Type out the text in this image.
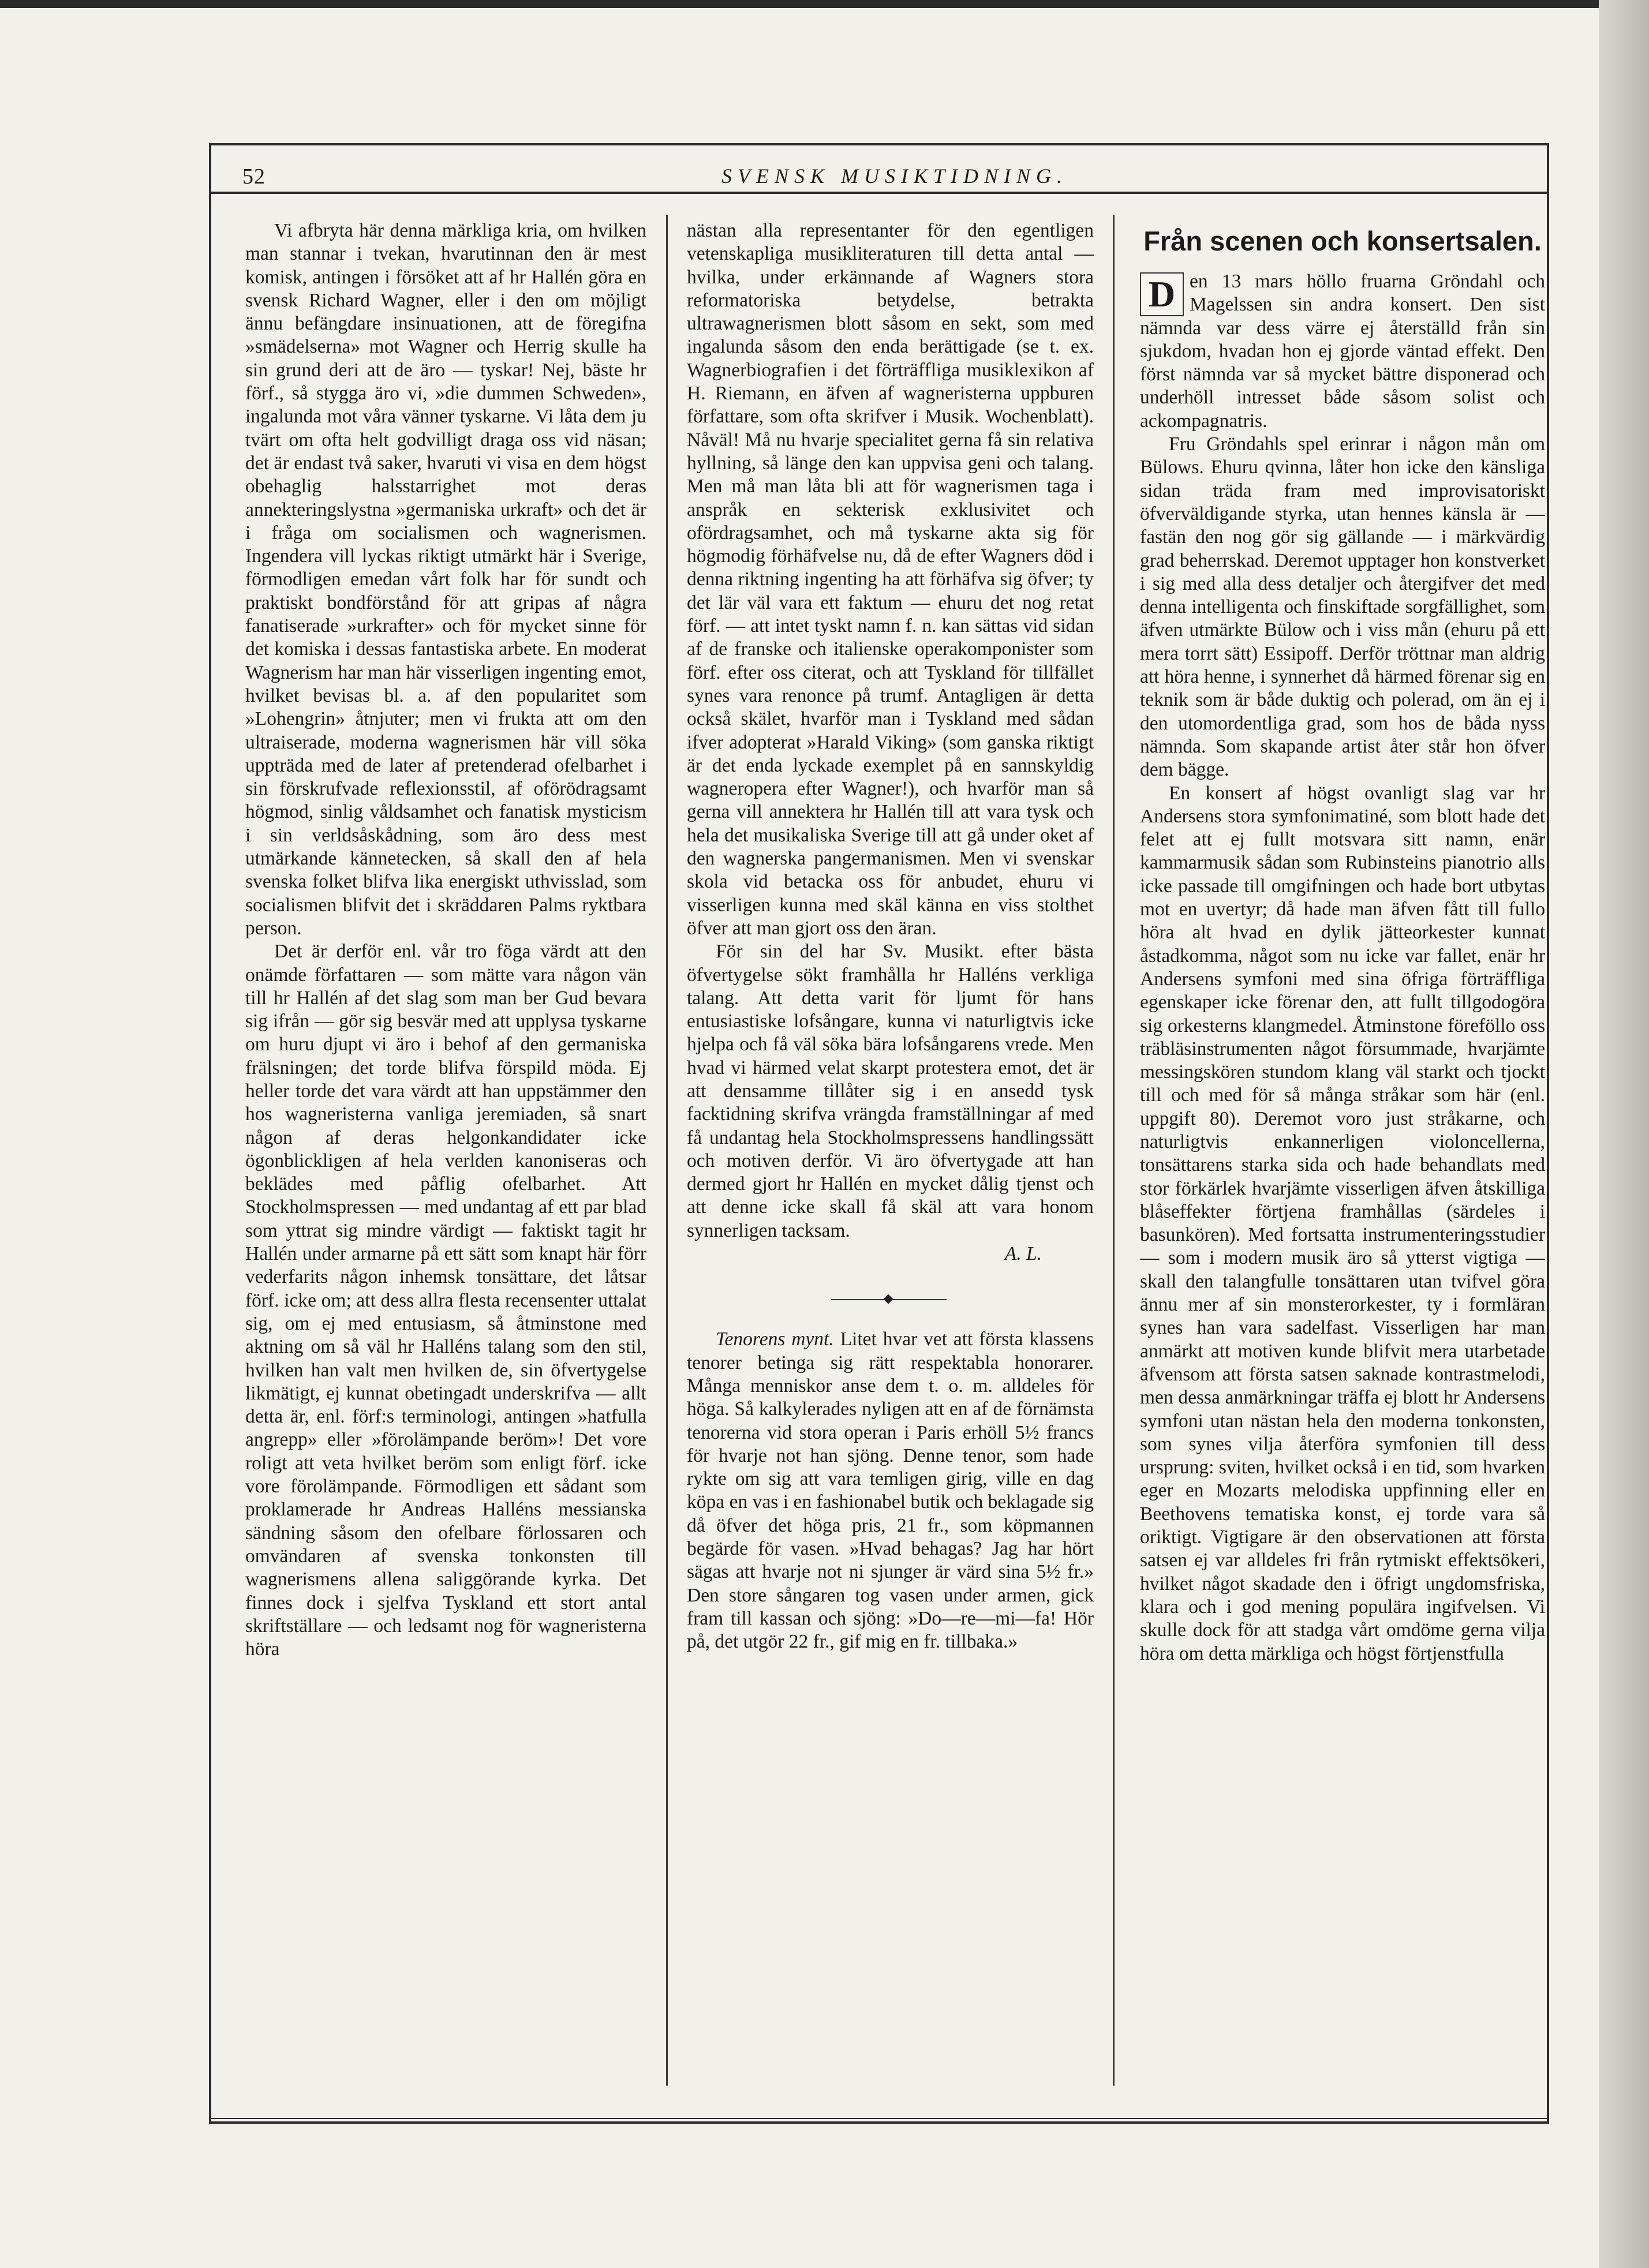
52	SVENSK MUSIKTIDNING.

Vi afbryta här denna märkliga kria, om hvilken man stannar i tvekan, hvarutinnan den är mest komisk, antingen i försöket att af hr Hallén göra en svensk Richard Wagner, eller i den om möjligt ännu befängdare insinuationen, att de föregifna »smädelserna» mot Wagner och Herrig skulle ha sin grund deri att de äro — tyskar! Nej, bäste hr förf., så stygga äro vi, »die dummen Schweden», ingalunda mot våra vänner tyskarne. Vi låta dem ju tvärt om ofta helt godvilligt draga oss vid näsan; det är endast två saker, hvaruti vi visa en dem högst obehaglig halsstarrighet mot deras annekteringslystna »germaniska urkraft» och det är i fråga om socialismen och wagnerismen. Ingendera vill lyckas riktigt utmärkt här i Sverige, förmodligen emedan vårt folk har för sundt och praktiskt bondförstånd för att gripas af några fanatiserade »urkrafter» och för mycket sinne för det komiska i dessas fantastiska arbete. En moderat Wagnerism har man här visserligen ingenting emot, hvilket bevisas bl. a. af den popularitet som »Lohengrin» åtnjuter; men vi frukta att om den ultraiserade, moderna wagnerismen här vill söka uppträda med de later af pretenderad ofelbarhet i sin förskrufvade reflexionsstil, af oförödragsamt högmod, sinlig våldsamhet och fanatisk mysticism i sin verldsåskådning, som äro dess mest utmärkande kännetecken, så skall den af hela svenska folket blifva lika energiskt uthvisslad, som socialismen blifvit det i skräddaren Palms ryktbara person.

Det är derför enl. vår tro föga värdt att den onämde författaren — som mätte vara någon vän till hr Hallén af det slag som man ber Gud bevara sig ifrån — gör sig besvär med att upplysa tyskarne om huru djupt vi äro i behof af den germaniska frälsningen; det torde blifva förspild möda. Ej heller torde det vara värdt att han uppstämmer den hos wagneristerna vanliga jeremiaden, så snart någon af deras helgonkandidater icke ögonblickligen af hela verlden kanoniseras och beklädes med påflig ofelbarhet. Att Stockholmspressen — med undantag af ett par blad som yttrat sig mindre värdigt — faktiskt tagit hr Hallén under armarne på ett sätt som knapt här förr vederfarits någon inhemsk tonsättare, det låtsar förf. icke om; att dess allra flesta recensenter uttalat sig, om ej med entusiasm, så åtminstone med aktning om så väl hr Halléns talang som den stil, hvilken han valt men hvilken de, sin öfvertygelse likmätigt, ej kunnat obetingadt underskrifva — allt detta är, enl. förf:s terminologi, antingen »hatfulla angrepp» eller »förolämpande beröm»! Det vore roligt att veta hvilket beröm som enligt förf. icke vore förolämpande. Förmodligen ett sådant som proklamerade hr Andreas Halléns messianska sändning såsom den ofelbare förlossaren och omvändaren af svenska tonkonsten till wagnerismens allena saliggörande kyrka. Det finnes dock i sjelfva Tyskland ett stort antal skriftställare — och ledsamt nog för wagneristerna höra

nästan alla representanter för den egentligen vetenskapliga musikliteraturen till detta antal — hvilka, under erkännande af Wagners stora reformatoriska betydelse, betrakta ultrawagnerismen blott såsom en sekt, som med ingalunda såsom den enda berättigade (se t. ex. Wagnerbiografien i det förträffliga musiklexikon af H. Riemann, en äfven af wagneristerna uppburen författare, som ofta skrifver i Musik. Wochenblatt). Nåväl! Må nu hvarje specialitet gerna få sin relativa hyllning, så länge den kan uppvisa geni och talang. Men må man låta bli att för wagnerismen taga i anspråk en sekterisk exklusivitet och ofördragsamhet, och må tyskarne akta sig för högmodig förhäfvelse nu, då de efter Wagners död i denna riktning ingenting ha att förhäfva sig öfver; ty det lär väl vara ett faktum — ehuru det nog retat förf. — att intet tyskt namn f. n. kan sättas vid sidan af de franske och italienske operakomponister som förf. efter oss citerat, och att Tyskland för tillfället synes vara renonce på trumf. Antagligen är detta också skälet, hvarför man i Tyskland med sådan ifver adopterat »Harald Viking» (som ganska riktigt är det enda lyckade exemplet på en sannskyldig wagneropera efter Wagner!), och hvarför man så gerna vill annektera hr Hallén till att vara tysk och hela det musikaliska Sverige till att gå under oket af den wagnerska pangermanismen. Men vi svenskar skola vid betacka oss för anbudet, ehuru vi visserligen kunna med skäl känna en viss stolthet öfver att man gjort oss den äran.

För sin del har Sv. Musikt. efter bästa öfvertygelse sökt framhålla hr Halléns verkliga talang. Att detta varit för ljumt för hans entusiastiske lofsångare, kunna vi naturligtvis icke hjelpa och få väl söka bära lofsångarens vrede. Men hvad vi härmed velat skarpt protestera emot, det är att densamme tillåter sig i en ansedd tysk facktidning skrifva vrängda framställningar af med få undantag hela Stockholmspressens handlingssätt och motiven derför. Vi äro öfvertygade att han dermed gjort hr Hallén en mycket dålig tjenst och att denne icke skall få skäl att vara honom synnerligen tacksam.

A. L.

Tenorens mynt. Litet hvar vet att första klassens tenorer betinga sig rätt respektabla honorarer. Många menniskor anse dem t. o. m. alldeles för höga. Så kalkylerades nyligen att en af de förnämsta tenorerna vid stora operan i Paris erhöll 5½ francs för hvarje not han sjöng. Denne tenor, som hade rykte om sig att vara temligen girig, ville en dag köpa en vas i en fashionabel butik och beklagade sig då öfver det höga pris, 21 fr., som köpmannen begärde för vasen. »Hvad behagas? Jag har hört sägas att hvarje not ni sjunger är värd sina 5½ fr.» Den store sångaren tog vasen under armen, gick fram till kassan och sjöng: »Do—re—mi—fa! Hör på, det utgör 22 fr., gif mig en fr. tillbaka.»

Från scenen och konsertsalen.

D en 13 mars höllo fruarna Gröndahl och Magelssen sin andra konsert. Den sist nämnda var dess värre ej återställd från sin sjukdom, hvadan hon ej gjorde väntad effekt. Den först nämnda var så mycket bättre disponerad och underhöll intresset både såsom solist och ackompagnatris.

Fru Gröndahls spel erinrar i någon mån om Bülows. Ehuru qvinna, låter hon icke den känsliga sidan träda fram med improvisatoriskt öfverväldigande styrka, utan hennes känsla är — fastän den nog gör sig gällande — i märkvärdig grad beherrskad. Deremot upptager hon konstverket i sig med alla dess detaljer och återgifver det med denna intelligenta och finskiftade sorgfällighet, som äfven utmärkte Bülow och i viss mån (ehuru på ett mera torrt sätt) Essipoff. Derför tröttnar man aldrig att höra henne, i synnerhet då härmed förenar sig en teknik som är både duktig och polerad, om än ej i den utomordentliga grad, som hos de båda nyss nämnda. Som skapande artist åter står hon öfver dem bägge.

En konsert af högst ovanligt slag var hr Andersens stora symfonimatiné, som blott hade det felet att ej fullt motsvara sitt namn, enär kammarmusik sådan som Rubinsteins pianotrio alls icke passade till omgifningen och hade bort utbytas mot en uvertyr; då hade man äfven fått till fullo höra alt hvad en dylik jätteorkester kunnat åstadkomma, något som nu icke var fallet, enär hr Andersens symfoni med sina öfriga förträffliga egenskaper icke förenar den, att fullt tillgodogöra sig orkesterns klangmedel. Åtminstone föreföllo oss träbläsinstrumenten något försummade, hvarjämte messingskören stundom klang väl starkt och tjockt till och med för så många stråkar som här (enl. uppgift 80). Deremot voro just stråkarne, och naturligtvis enkannerligen violoncellerna, tonsättarens starka sida och hade behandlats med stor förkärlek hvarjämte visserligen äfven åtskilliga blåseffekter förtjena framhållas (särdeles i basunkören). Med fortsatta instrumenteringsstudier — som i modern musik äro så ytterst vigtiga — skall den talangfulle tonsättaren utan tvifvel göra ännu mer af sin monsterorkester, ty i formläran synes han vara sadelfast. Visserligen har man anmärkt att motiven kunde blifvit mera utarbetade äfvensom att första satsen saknade kontrastmelodi, men dessa anmärkningar träffa ej blott hr Andersens symfoni utan nästan hela den moderna tonkonsten, som synes vilja återföra symfonien till dess ursprung: sviten, hvilket också i en tid, som hvarken eger en Mozarts melodiska uppfinning eller en Beethovens tematiska konst, ej torde vara så oriktigt. Vigtigare är den observationen att första satsen ej var alldeles fri från rytmiskt effektsökeri, hvilket något skadade den i öfrigt ungdomsfriska, klara och i god mening populära ingifvelsen. Vi skulle dock för att stadga vårt omdöme gerna vilja höra om detta märkliga och högst förtjenstfulla
